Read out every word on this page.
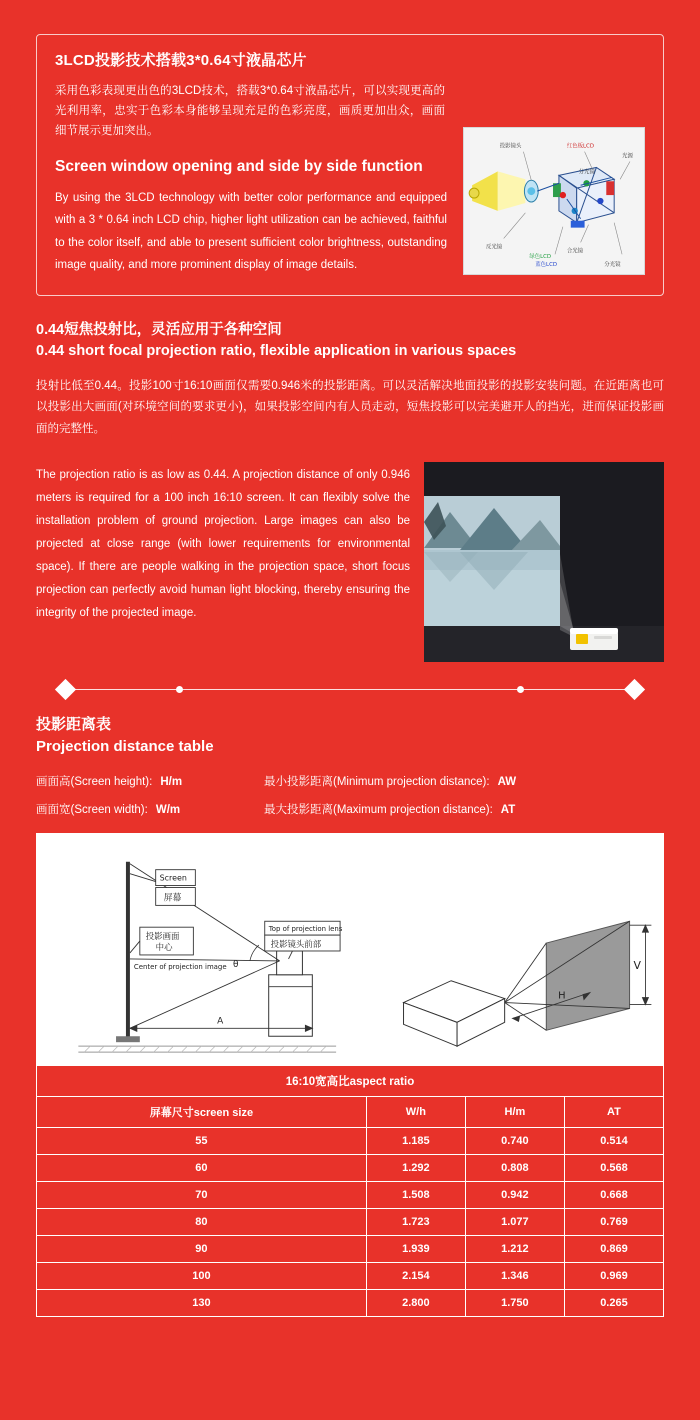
3LCD投影技术搭载3*0.64寸液晶芯片

采用色彩表现更出色的3LCD技术，搭载3*0.64寸液晶芯片，可以实现更高的光利用率，忠实于色彩本身能够呈现充足的色彩亮度，画质更加出众，画面细节展示更加突出。

Screen window opening and side by side function

By using the 3LCD technology with better color performance and equipped with a 3 * 0.64 inch LCD chip, higher light utilization can be achieved, faithful to the color itself, and able to present sufficient color brightness, outstanding image quality, and more prominent display of image details.

投影镜头	红色板LCD
光源
分光镜
反光镜
合光镜
蓝色LCD
绿色LCD
分光镜
0.44短焦投射比，灵活应用于各种空间
0.44 short focal projection ratio, flexible application in various spaces

投射比低至0.44。投影100寸16:10画面仅需要0.946米的投影距离。可以灵活解决地面投影的投影安装问题。在近距离也可以投影出大画面(对环境空间的要求更小)，如果投影空间内有人员走动，短焦投影可以完美避开人的挡光，进而保证投影画面的完整性。

The projection ratio is as low as 0.44. A projection distance of only 0.946 meters is required for a 100 inch 16:10 screen. It can flexibly solve the installation problem of ground projection. Large images can also be projected at close range (with lower requirements for environmental space). If there are people walking in the projection space, short focus projection can perfectly avoid human light blocking, thereby ensuring the integrity of the projected image.

投影距离表
Projection distance table
画面高(Screen height): H/m	最小投影距离(Minimum projection distance): AW
画面宽(Screen width): W/m	最大投影距离(Maximum projection distance): AT
θ
A
Screen
屏幕
投影画面
中心
Center of projection image
Top of projection lens
投影镜头前部
H
V
16:10宽高比aspect ratio			
屏幕尺寸screen size	W/h	H/m	AT
55	1.185	0.740	0.514
60	1.292	0.808	0.568
70	1.508	0.942	0.668
80	1.723	1.077	0.769
90	1.939	1.212	0.869
100	2.154	1.346	0.969
130	2.800	1.750	0.265
